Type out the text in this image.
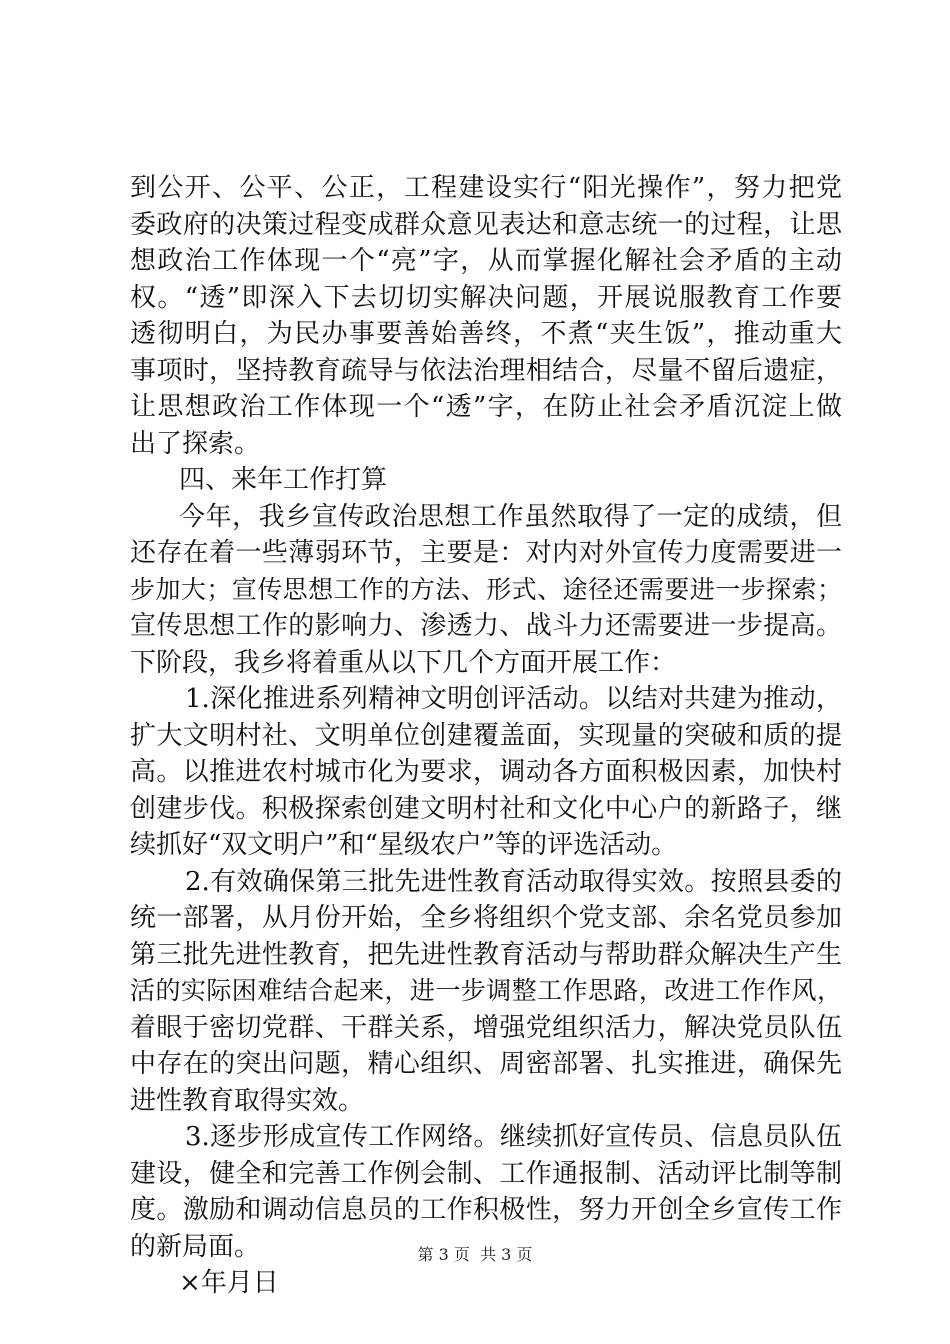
到公开、公平、公正，工程建设实行“阳光操作”，努力把党
委政府的决策过程变成群众意见表达和意志统一的过程，让思
想政治工作体现一个“亮”字，从而掌握化解社会矛盾的主动
权。“透”即深入下去切切实解决问题，开展说服教育工作要
透彻明白，为民办事要善始善终，不煮“夹生饭”，推动重大
事项时，坚持教育疏导与依法治理相结合，尽量不留后遗症，
让思想政治工作体现一个“透”字，在防止社会矛盾沉淀上做
出了探索。
四、来年工作打算
今年，我乡宣传政治思想工作虽然取得了一定的成绩，但
还存在着一些薄弱环节，主要是：对内对外宣传力度需要进一
步加大；宣传思想工作的方法、形式、途径还需要进一步探索；
宣传思想工作的影响力、渗透力、战斗力还需要进一步提高。
下阶段，我乡将着重从以下几个方面开展工作：
1.深化推进系列精神文明创评活动。以结对共建为推动，
扩大文明村社、文明单位创建覆盖面，实现量的突破和质的提
高。以推进农村城市化为要求，调动各方面积极因素，加快村
创建步伐。积极探索创建文明村社和文化中心户的新路子，继
续抓好“双文明户”和“星级农户”等的评选活动。
2.有效确保第三批先进性教育活动取得实效。按照县委的
统一部署，从月份开始，全乡将组织个党支部、余名党员参加
第三批先进性教育，把先进性教育活动与帮助群众解决生产生
活的实际困难结合起来，进一步调整工作思路，改进工作作风，
着眼于密切党群、干群关系，增强党组织活力，解决党员队伍
中存在的突出问题，精心组织、周密部署、扎实推进，确保先
进性教育取得实效。
3.逐步形成宣传工作网络。继续抓好宣传员、信息员队伍
建设，健全和完善工作例会制、工作通报制、活动评比制等制
度。激励和调动信息员的工作积极性，努力开创全乡宣传工作
的新局面。
×年月日
第 3 页  共 3 页
